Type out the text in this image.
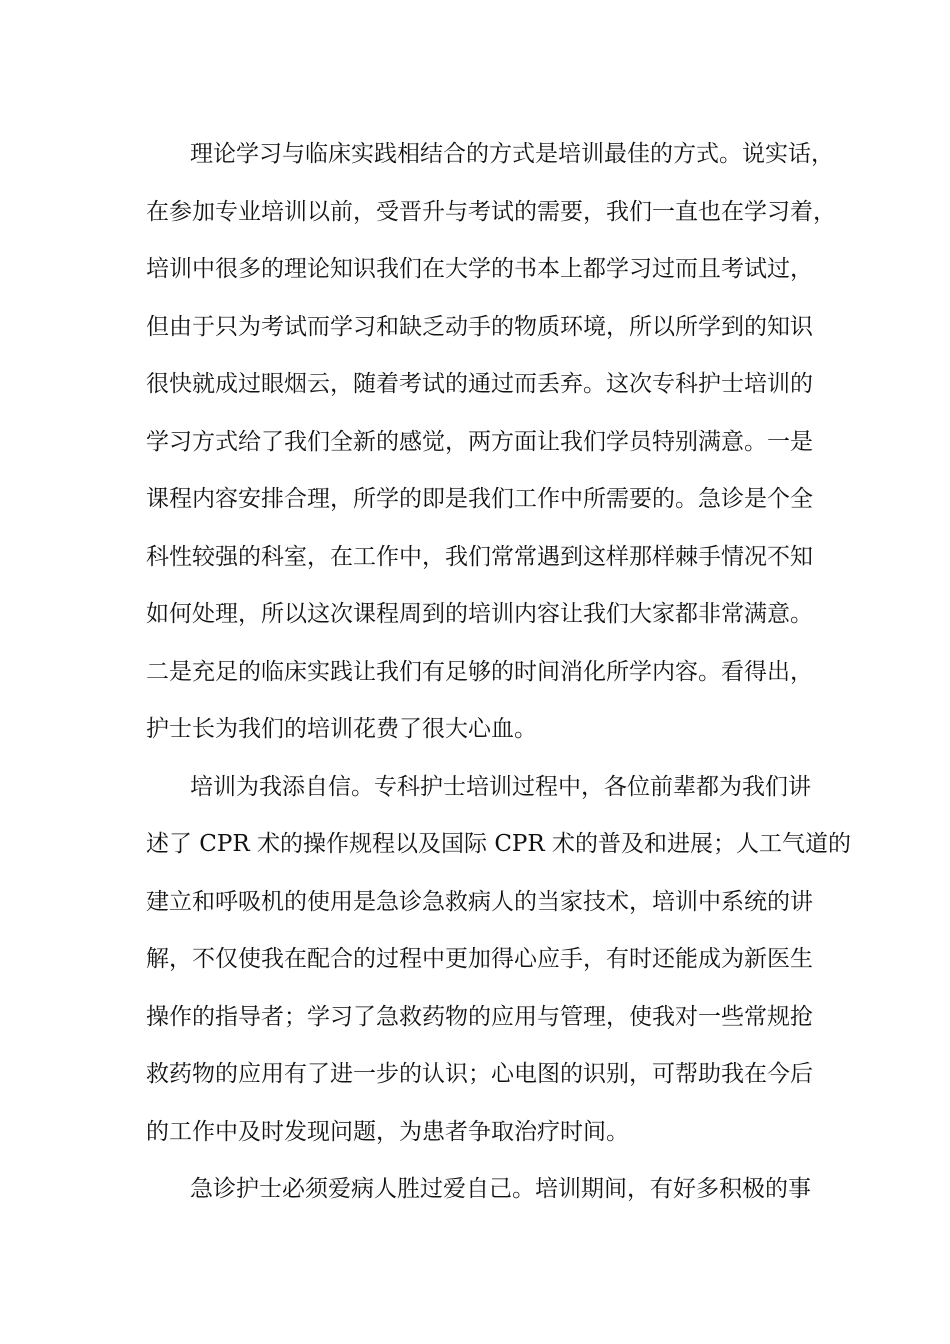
理论学习与临床实践相结合的方式是培训最佳的方式。说实话，
在参加专业培训以前，受晋升与考试的需要，我们一直也在学习着，
培训中很多的理论知识我们在大学的书本上都学习过而且考试过，
但由于只为考试而学习和缺乏动手的物质环境，所以所学到的知识
很快就成过眼烟云，随着考试的通过而丢弃。这次专科护士培训的
学习方式给了我们全新的感觉，两方面让我们学员特别满意。一是
课程内容安排合理，所学的即是我们工作中所需要的。急诊是个全
科性较强的科室，在工作中，我们常常遇到这样那样棘手情况不知
如何处理，所以这次课程周到的培训内容让我们大家都非常满意。
二是充足的临床实践让我们有足够的时间消化所学内容。看得出，
护士长为我们的培训花费了很大心血。
培训为我添自信。专科护士培训过程中，各位前辈都为我们讲
述了 CPR 术的操作规程以及国际 CPR 术的普及和进展；人工气道的
建立和呼吸机的使用是急诊急救病人的当家技术，培训中系统的讲
解，不仅使我在配合的过程中更加得心应手，有时还能成为新医生
操作的指导者；学习了急救药物的应用与管理，使我对一些常规抢
救药物的应用有了进一步的认识；心电图的识别，可帮助我在今后
的工作中及时发现问题，为患者争取治疗时间。
急诊护士必须爱病人胜过爱自己。培训期间，有好多积极的事
